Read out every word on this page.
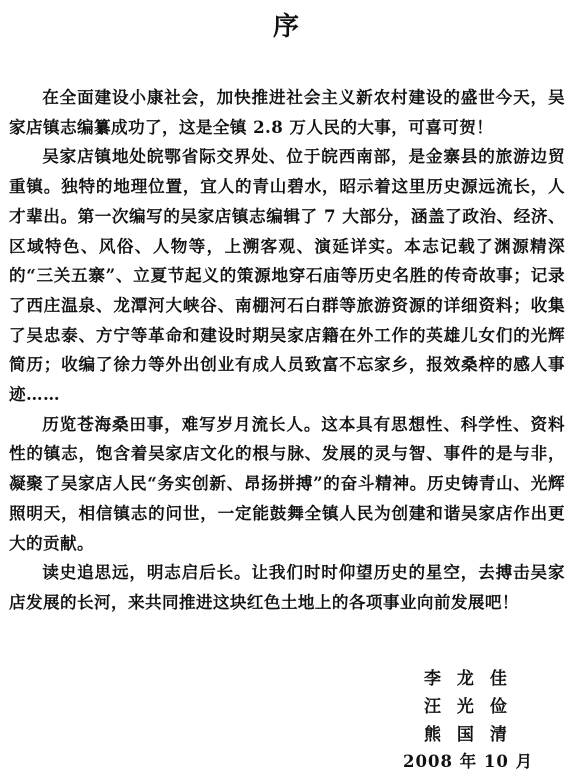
序

在全面建设小康社会，加快推进社会主义新农村建设的盛世今天，吴家店镇志编纂成功了，这是全镇 2.8 万人民的大事，可喜可贺！

吴家店镇地处皖鄂省际交界处、位于皖西南部，是金寨县的旅游边贸重镇。独特的地理位置，宜人的青山碧水，昭示着这里历史源远流长，人才辈出。第一次编写的吴家店镇志编辑了 7 大部分，涵盖了政治、经济、区域特色、风俗、人物等，上溯客观、演延详实。本志记载了渊源精深的“三关五寨”、立夏节起义的策源地穿石庙等历史名胜的传奇故事；记录了西庄温泉、龙潭河大峡谷、南棚河石白群等旅游资源的详细资料；收集了吴忠泰、方宁等革命和建设时期吴家店籍在外工作的英雄儿女们的光辉简历；收编了徐力等外出创业有成人员致富不忘家乡，报效桑梓的感人事迹……

历览苍海桑田事，难写岁月流长人。这本具有思想性、科学性、资料性的镇志，饱含着吴家店文化的根与脉、发展的灵与智、事件的是与非，凝聚了吴家店人民“务实创新、昂扬拼搏”的奋斗精神。历史铸青山、光辉照明天，相信镇志的问世，一定能鼓舞全镇人民为创建和谐吴家店作出更大的贡献。

读史追思远，明志启后长。让我们时时仰望历史的星空，去搏击吴家店发展的长河，来共同推进这块红色土地上的各项事业向前发展吧！

李 龙 佳
汪 光 俭
熊 国 清
2008 年 10 月
